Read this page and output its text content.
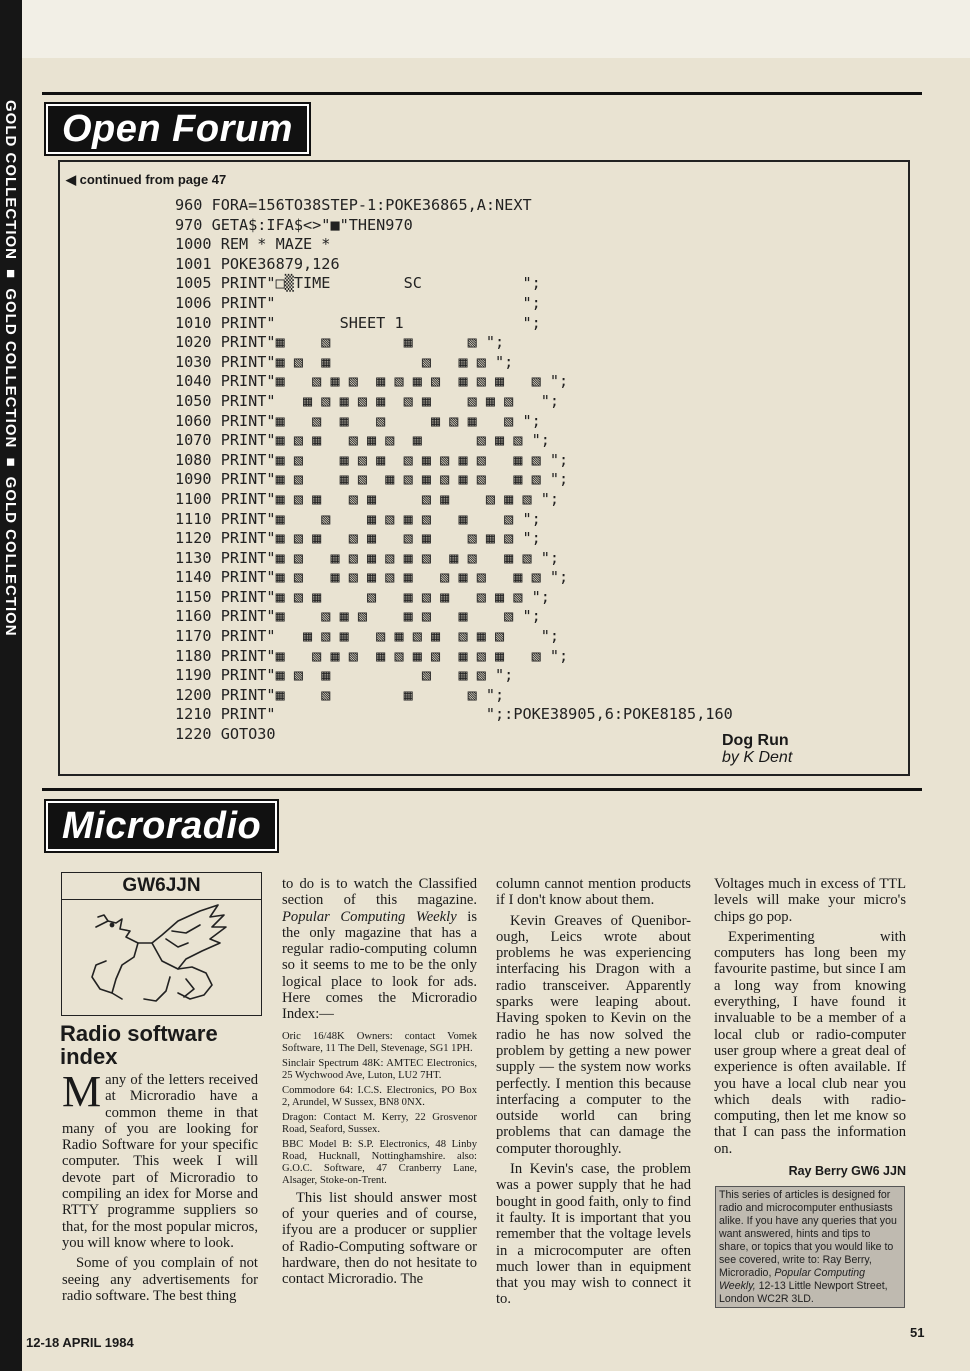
GOLD COLLECTION ■ GOLD COLLECTION ■ GOLD COLLECTION	Open Forum
◀ continued from page 47
960 FORA=156TO38STEP-1:POKE36865,A:NEXT
970 GETA$:IFA$<>"■"THEN970
1000 REM * MAZE *
1001 POKE36879,126
1005 PRINT"□▒TIME        SC           ";
1006 PRINT"                           ";
1010 PRINT"       SHEET 1             ";
1020 PRINT"▦    ▧        ▦      ▧ ";
1030 PRINT"▦ ▧  ▦          ▧   ▦ ▧ ";
1040 PRINT"▦   ▧ ▦ ▧  ▦ ▧ ▦ ▧  ▦ ▧ ▦   ▧ ";
1050 PRINT"   ▦ ▧ ▦ ▧ ▦  ▧ ▦    ▧ ▦ ▧   ";
1060 PRINT"▦   ▧  ▦   ▧     ▦ ▧ ▦   ▧ ";
1070 PRINT"▦ ▧ ▦   ▧ ▦ ▧  ▦      ▧ ▦ ▧ ";
1080 PRINT"▦ ▧    ▦ ▧ ▦  ▧ ▦ ▧ ▦ ▧   ▦ ▧ ";
1090 PRINT"▦ ▧    ▦ ▧  ▦ ▧ ▦ ▧ ▦ ▧   ▦ ▧ ";
1100 PRINT"▦ ▧ ▦   ▧ ▦     ▧ ▦    ▧ ▦ ▧ ";
1110 PRINT"▦    ▧    ▦ ▧ ▦ ▧   ▦    ▧ ";
1120 PRINT"▦ ▧ ▦   ▧ ▦   ▧ ▦    ▧ ▦ ▧ ";
1130 PRINT"▦ ▧   ▦ ▧ ▦ ▧ ▦ ▧  ▦ ▧   ▦ ▧ ";
1140 PRINT"▦ ▧   ▦ ▧ ▦ ▧ ▦   ▧ ▦ ▧   ▦ ▧ ";
1150 PRINT"▦ ▧ ▦     ▧   ▦ ▧ ▦   ▧ ▦ ▧ ";
1160 PRINT"▦    ▧ ▦ ▧    ▦ ▧   ▦    ▧ ";
1170 PRINT"   ▦ ▧ ▦   ▧ ▦ ▧ ▦  ▧ ▦ ▧    ";
1180 PRINT"▦   ▧ ▦ ▧  ▦ ▧ ▦ ▧  ▦ ▧ ▦   ▧ ";
1190 PRINT"▦ ▧  ▦          ▧   ▦ ▧ ";
1200 PRINT"▦    ▧        ▦      ▧ ";
1210 PRINT"                       ";:POKE38905,6:POKE8185,160
1220 GOTO30	Dog Run
by K Dent
Microradio
GW6JJN
Radio software index

Many of the letters received at Microradio have a common theme in that many of you are looking for Radio Software for your specific computer. This week I will devote part of Microradio to compiling an idex for Morse and RTTY programme suppliers so that, for the most popular micros, you will know where to look.

Some of you complain of not seeing any advertisements for radio software. The best thing

to do is to watch the Classified section of this magazine. Popular Computing Weekly is the only magazine that has a regular radio-computing column so it seems to me to be the only logical place to look for ads. Here comes the Microradio Index:—

Oric 16/48K Owners: contact Vomek Software, 11 The Dell, Stevenage, SG1 1PH.

Sinclair Spectrum 48K: AMTEC Electronics, 25 Wychwood Ave, Luton, LU2 7HT.

Commodore 64: I.C.S. Electronics, PO Box 2, Arundel, W Sussex, BN8 0NX.

Dragon: Contact M. Kerry, 22 Grosvenor Road, Seaford, Sussex.

BBC Model B: S.P. Electronics, 48 Linby Road, Hucknall, Nottinghamshire. also: G.O.C. Software, 47 Cranberry Lane, Alsager, Stoke-on-Trent.

This list should answer most of your queries and of course, ifyou are a producer or supplier of Radio-Computing software or hardware, then do not hesitate to contact Microradio. The

column cannot mention products if I don't know about them.

Kevin Greaves of Quenibor-ough, Leics wrote about problems he was experiencing interfacing his Dragon with a radio transceiver. Apparently sparks were leaping about. Having spoken to Kevin on the radio he has now solved the problem by getting a new power supply — the system now works perfectly. I mention this because interfacing a computer to the outside world can bring problems that can damage the computer thoroughly.

In Kevin's case, the problem was a power supply that he had bought in good faith, only to find it faulty. It is important that you remember that the voltage levels in a microcomputer are often much lower than in equipment that you may wish to connect it to.

Voltages much in excess of TTL levels will make your micro's chips go pop.

Experimenting with computers has long been my favourite pastime, but since I am a long way from knowing everything, I have found it invaluable to be a member of a local club or radio-computer user group where a great deal of experience is often available. If you have a local club near you which deals with radio-computing, then let me know so that I can pass the information on.

Ray Berry GW6 JJN
This series of articles is designed for radio and microcomputer enthusiasts alike. If you have any queries that you want answered, hints and tips to share, or topics that you would like to see covered, write to: Ray Berry, Microradio, Popular Computing Weekly, 12-13 Little Newport Street, London WC2R 3LD.
12-18 APRIL 1984
51
